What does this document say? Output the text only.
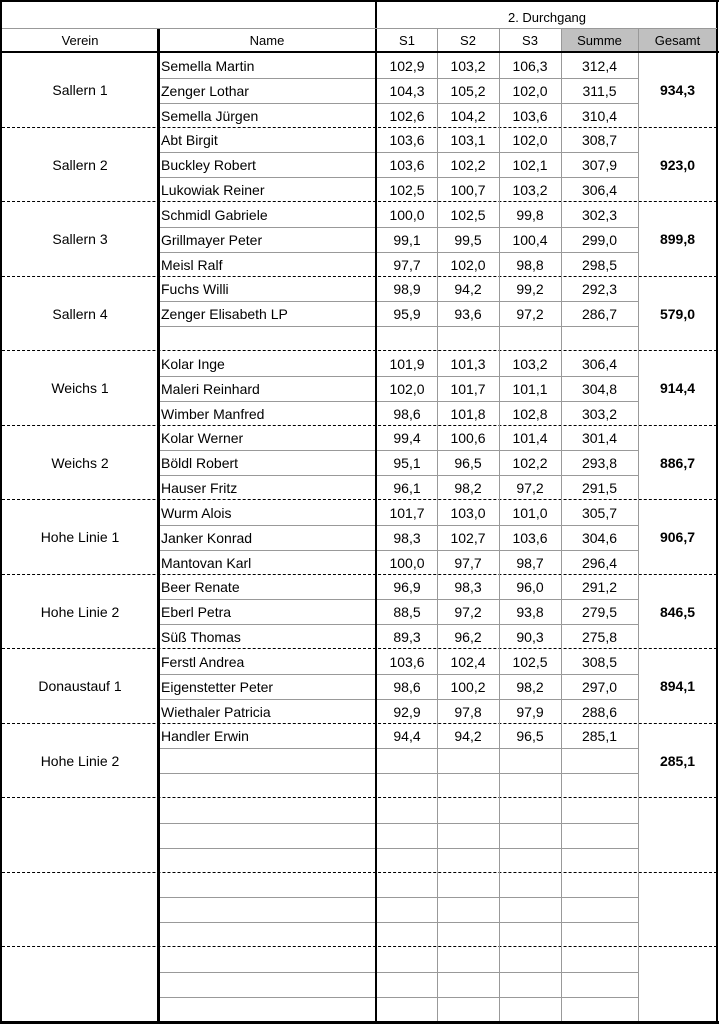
2. Durchgang
Verein	Name	S1	S2	S3	Summe	Gesamt
Sallern 1	934,3
Semella Martin	102,9	103,2	106,3	312,4
Zenger Lothar	104,3	105,2	102,0	311,5
Semella Jürgen	102,6	104,2	103,6	310,4
Sallern 2	923,0
Abt Birgit	103,6	103,1	102,0	308,7
Buckley Robert	103,6	102,2	102,1	307,9
Lukowiak Reiner	102,5	100,7	103,2	306,4
Sallern 3	899,8
Schmidl Gabriele	100,0	102,5	99,8	302,3
Grillmayer Peter	99,1	99,5	100,4	299,0
Meisl Ralf	97,7	102,0	98,8	298,5
Sallern 4	579,0
Fuchs Willi	98,9	94,2	99,2	292,3
Zenger Elisabeth LP	95,9	93,6	97,2	286,7
Weichs 1	914,4
Kolar Inge	101,9	101,3	103,2	306,4
Maleri Reinhard	102,0	101,7	101,1	304,8
Wimber Manfred	98,6	101,8	102,8	303,2
Weichs 2	886,7
Kolar Werner	99,4	100,6	101,4	301,4
Böldl Robert	95,1	96,5	102,2	293,8
Hauser Fritz	96,1	98,2	97,2	291,5
Hohe Linie 1	906,7
Wurm Alois	101,7	103,0	101,0	305,7
Janker Konrad	98,3	102,7	103,6	304,6
Mantovan Karl	100,0	97,7	98,7	296,4
Hohe Linie 2	846,5
Beer Renate	96,9	98,3	96,0	291,2
Eberl Petra	88,5	97,2	93,8	279,5
Süß Thomas	89,3	96,2	90,3	275,8
Donaustauf 1	894,1
Ferstl Andrea	103,6	102,4	102,5	308,5
Eigenstetter Peter	98,6	100,2	98,2	297,0
Wiethaler Patricia	92,9	97,8	97,9	288,6
Hohe Linie 2	285,1
Handler Erwin	94,4	94,2	96,5	285,1
